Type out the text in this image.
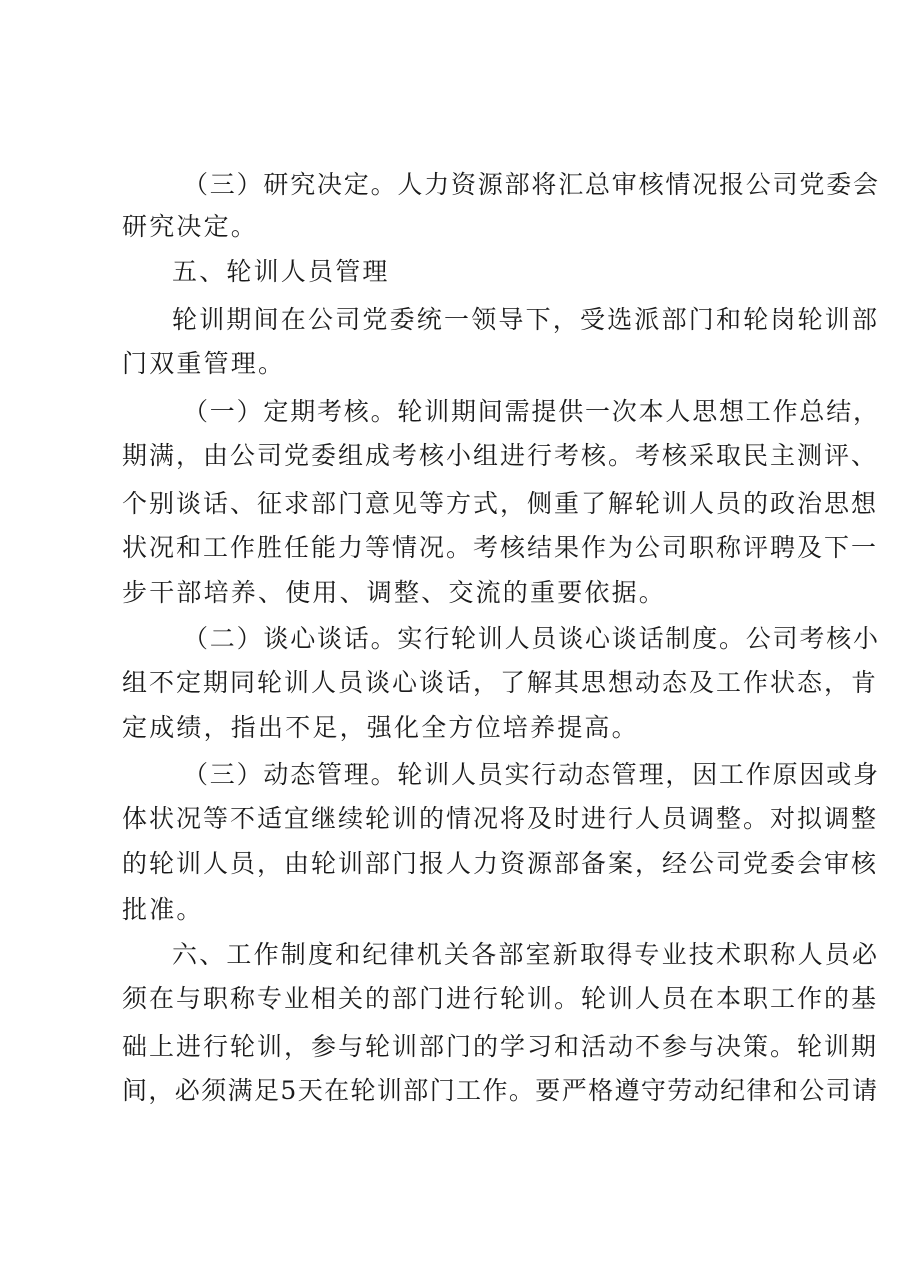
（三）研究决定。人力资源部将汇总审核情况报公司党委会
研究决定。
五、轮训人员管理
轮训期间在公司党委统一领导下，受选派部门和轮岗轮训部
门双重管理。
（一）定期考核。轮训期间需提供一次本人思想工作总结，
期满，由公司党委组成考核小组进行考核。考核采取民主测评、
个别谈话、征求部门意见等方式，侧重了解轮训人员的政治思想
状况和工作胜任能力等情况。考核结果作为公司职称评聘及下一
步干部培养、使用、调整、交流的重要依据。
（二）谈心谈话。实行轮训人员谈心谈话制度。公司考核小
组不定期同轮训人员谈心谈话，了解其思想动态及工作状态，肯
定成绩，指出不足，强化全方位培养提高。
（三）动态管理。轮训人员实行动态管理，因工作原因或身
体状况等不适宜继续轮训的情况将及时进行人员调整。对拟调整
的轮训人员，由轮训部门报人力资源部备案，经公司党委会审核
批准。
六、工作制度和纪律机关各部室新取得专业技术职称人员必
须在与职称专业相关的部门进行轮训。轮训人员在本职工作的基
础上进行轮训，参与轮训部门的学习和活动不参与决策。轮训期
间，必须满足5天在轮训部门工作。要严格遵守劳动纪律和公司请
